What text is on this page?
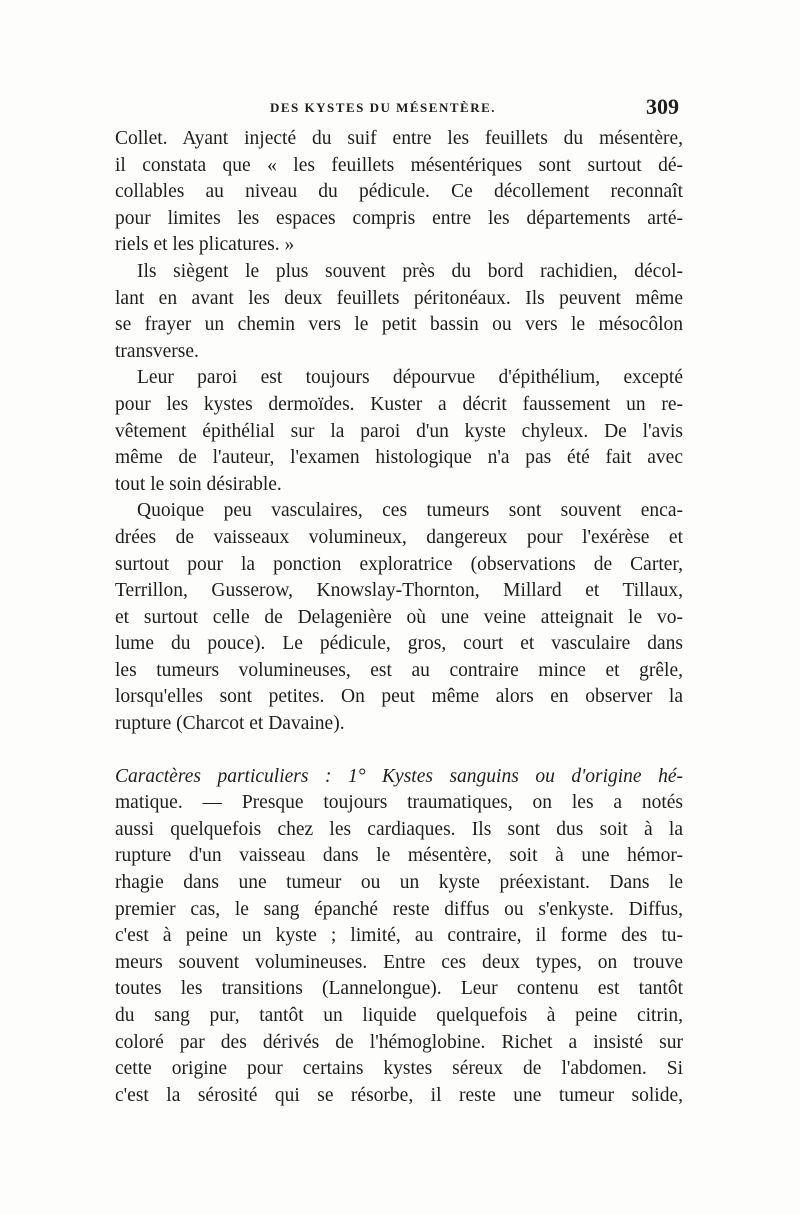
DES KYSTES DU MÉSENTÈRE.	309
Collet. Ayant injecté du suif entre les feuillets du mésentère,
il constata que « les feuillets mésentériques sont surtout dé-
collables au niveau du pédicule. Ce décollement reconnaît
pour limites les espaces compris entre les départements arté-
riels et les plicatures. »
Ils siègent le plus souvent près du bord rachidien, décol-
lant en avant les deux feuillets péritonéaux. Ils peuvent même
se frayer un chemin vers le petit bassin ou vers le mésocôlon
transverse.
Leur paroi est toujours dépourvue d'épithélium, excepté
pour les kystes dermoïdes. Kuster a décrit faussement un re-
vêtement épithélial sur la paroi d'un kyste chyleux. De l'avis
même de l'auteur, l'examen histologique n'a pas été fait avec
tout le soin désirable.
Quoique peu vasculaires, ces tumeurs sont souvent enca-
drées de vaisseaux volumineux, dangereux pour l'exérèse et
surtout pour la ponction exploratrice (observations de Carter,
Terrillon, Gusserow, Knowslay-Thornton, Millard et Tillaux,
et surtout celle de Delagenière où une veine atteignait le vo-
lume du pouce). Le pédicule, gros, court et vasculaire dans
les tumeurs volumineuses, est au contraire mince et grêle,
lorsqu'elles sont petites. On peut même alors en observer la
rupture (Charcot et Davaine).
Caractères particuliers : 1° Kystes sanguins ou d'origine hé-
matique. — Presque toujours traumatiques, on les a notés
aussi quelquefois chez les cardiaques. Ils sont dus soit à la
rupture d'un vaisseau dans le mésentère, soit à une hémor-
rhagie dans une tumeur ou un kyste préexistant. Dans le
premier cas, le sang épanché reste diffus ou s'enkyste. Diffus,
c'est à peine un kyste ; limité, au contraire, il forme des tu-
meurs souvent volumineuses. Entre ces deux types, on trouve
toutes les transitions (Lannelongue). Leur contenu est tantôt
du sang pur, tantôt un liquide quelquefois à peine citrin,
coloré par des dérivés de l'hémoglobine. Richet a insisté sur
cette origine pour certains kystes séreux de l'abdomen. Si
c'est la sérosité qui se résorbe, il reste une tumeur solide,
